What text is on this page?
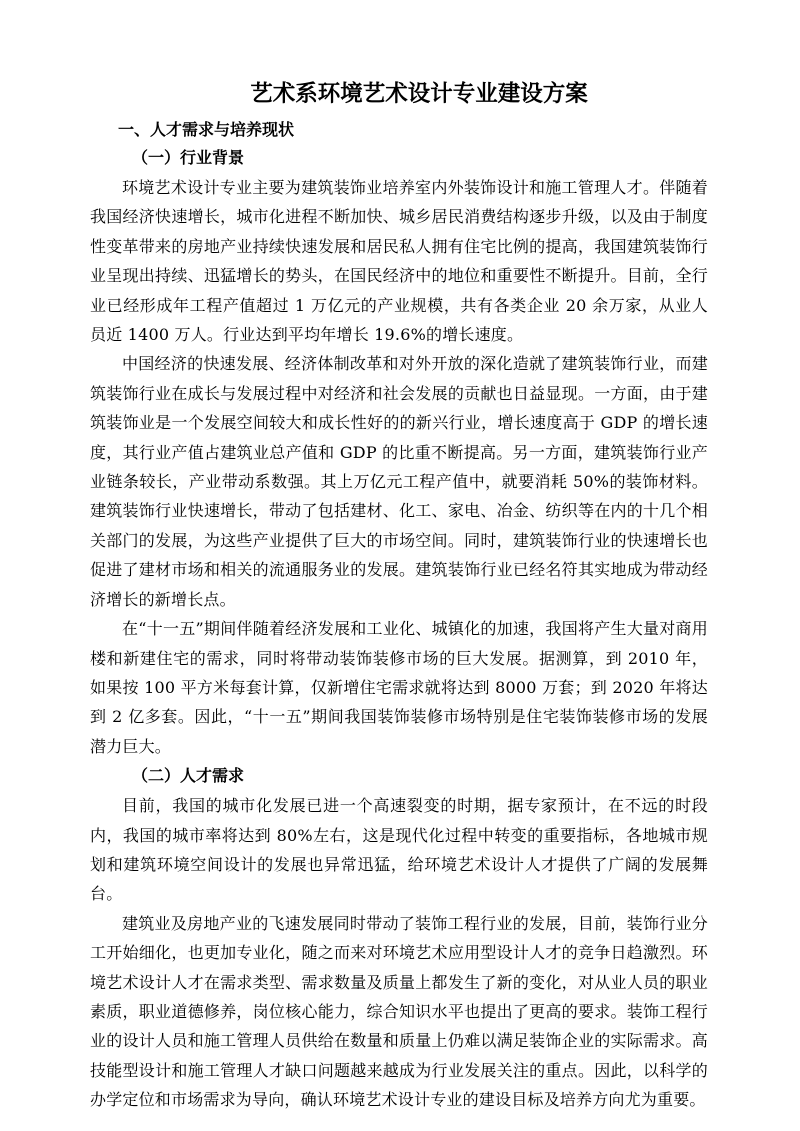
艺术系环境艺术设计专业建设方案
一、人才需求与培养现状
（一）行业背景

环境艺术设计专业主要为建筑装饰业培养室内外装饰设计和施工管理人才。伴随着我国经济快速增长，城市化进程不断加快、城乡居民消费结构逐步升级，以及由于制度性变革带来的房地产业持续快速发展和居民私人拥有住宅比例的提高，我国建筑装饰行业呈现出持续、迅猛增长的势头，在国民经济中的地位和重要性不断提升。目前，全行业已经形成年工程产值超过 1 万亿元的产业规模，共有各类企业 20 余万家，从业人员近 1400 万人。行业达到平均年增长 19.6%的增长速度。

中国经济的快速发展、经济体制改革和对外开放的深化造就了建筑装饰行业，而建筑装饰行业在成长与发展过程中对经济和社会发展的贡献也日益显现。一方面，由于建筑装饰业是一个发展空间较大和成长性好的的新兴行业，增长速度高于 GDP 的增长速度，其行业产值占建筑业总产值和 GDP 的比重不断提高。另一方面，建筑装饰行业产业链条较长，产业带动系数强。其上万亿元工程产值中，就要消耗 50%的装饰材料。建筑装饰行业快速增长，带动了包括建材、化工、家电、冶金、纺织等在内的十几个相关部门的发展，为这些产业提供了巨大的市场空间。同时，建筑装饰行业的快速增长也促进了建材市场和相关的流通服务业的发展。建筑装饰行业已经名符其实地成为带动经济增长的新增长点。

在“十一五”期间伴随着经济发展和工业化、城镇化的加速，我国将产生大量对商用楼和新建住宅的需求，同时将带动装饰装修市场的巨大发展。据测算，到 2010 年，如果按 100 平方米每套计算，仅新增住宅需求就将达到 8000 万套；到 2020 年将达到 2 亿多套。因此，“十一五”期间我国装饰装修市场特别是住宅装饰装修市场的发展潜力巨大。

（二）人才需求

目前，我国的城市化发展已进一个高速裂变的时期，据专家预计，在不远的时段内，我国的城市率将达到 80%左右，这是现代化过程中转变的重要指标，各地城市规划和建筑环境空间设计的发展也异常迅猛，给环境艺术设计人才提供了广阔的发展舞台。

建筑业及房地产业的飞速发展同时带动了装饰工程行业的发展，目前，装饰行业分工开始细化，也更加专业化，随之而来对环境艺术应用型设计人才的竞争日趋激烈。环境艺术设计人才在需求类型、需求数量及质量上都发生了新的变化，对从业人员的职业素质，职业道德修养，岗位核心能力，综合知识水平也提出了更高的要求。装饰工程行业的设计人员和施工管理人员供给在数量和质量上仍难以满足装饰企业的实际需求。高技能型设计和施工管理人才缺口问题越来越成为行业发展关注的重点。因此，以科学的办学定位和市场需求为导向，确认环境艺术设计专业的建设目标及培养方向尤为重要。
